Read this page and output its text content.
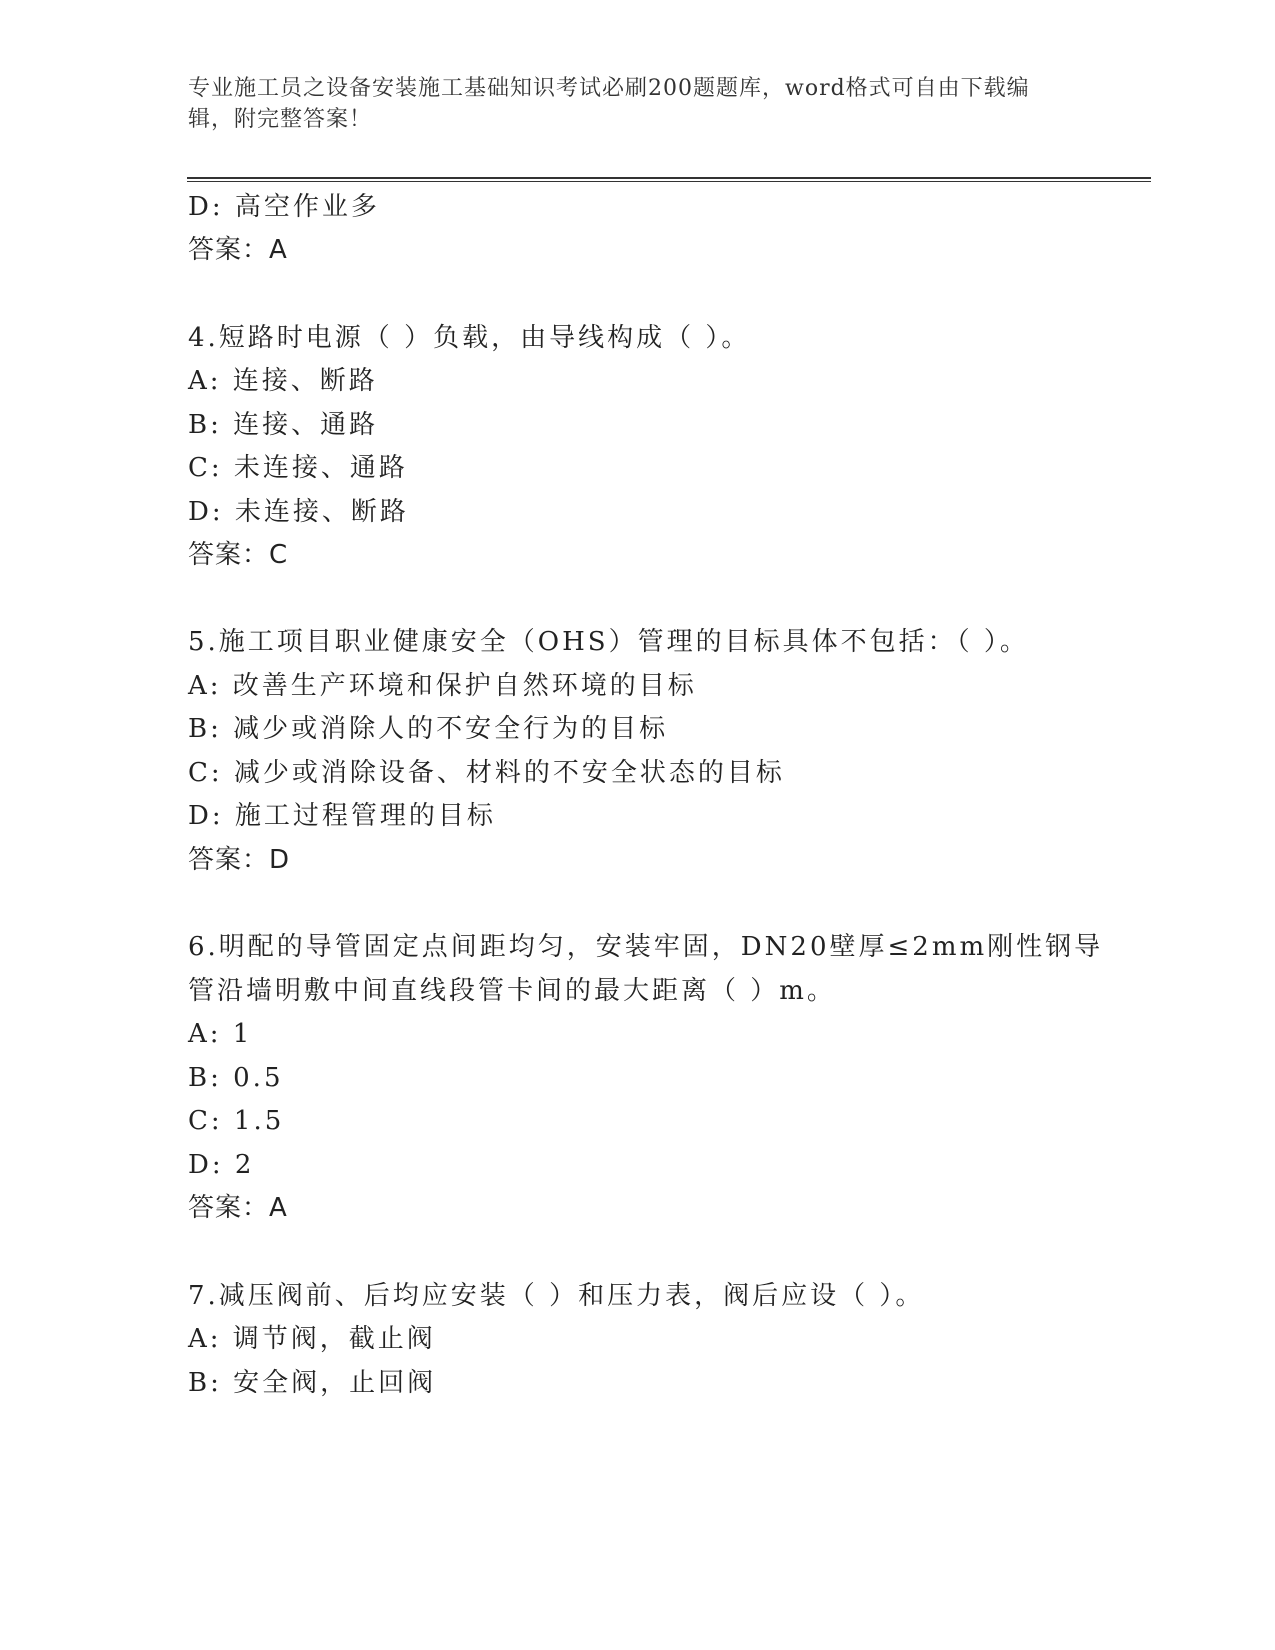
专业施工员之设备安装施工基础知识考试必刷200题题库，word格式可自由下载编辑，附完整答案！
D: 高空作业多
答案：A
4.短路时电源（ ）负载，由导线构成（ ）。
A: 连接、断路
B: 连接、通路
C: 未连接、通路
D: 未连接、断路
答案：C
5.施工项目职业健康安全（OHS）管理的目标具体不包括：（ ）。
A: 改善生产环境和保护自然环境的目标
B: 减少或消除人的不安全行为的目标
C: 减少或消除设备、材料的不安全状态的目标
D: 施工过程管理的目标
答案：D
6.明配的导管固定点间距均匀，安装牢固，DN20壁厚≤2mm刚性钢导
管沿墙明敷中间直线段管卡间的最大距离（ ）m。
A: 1
B: 0.5
C: 1.5
D: 2
答案：A
7.减压阀前、后均应安装（ ）和压力表，阀后应设（ ）。
A: 调节阀，截止阀
B: 安全阀，止回阀
